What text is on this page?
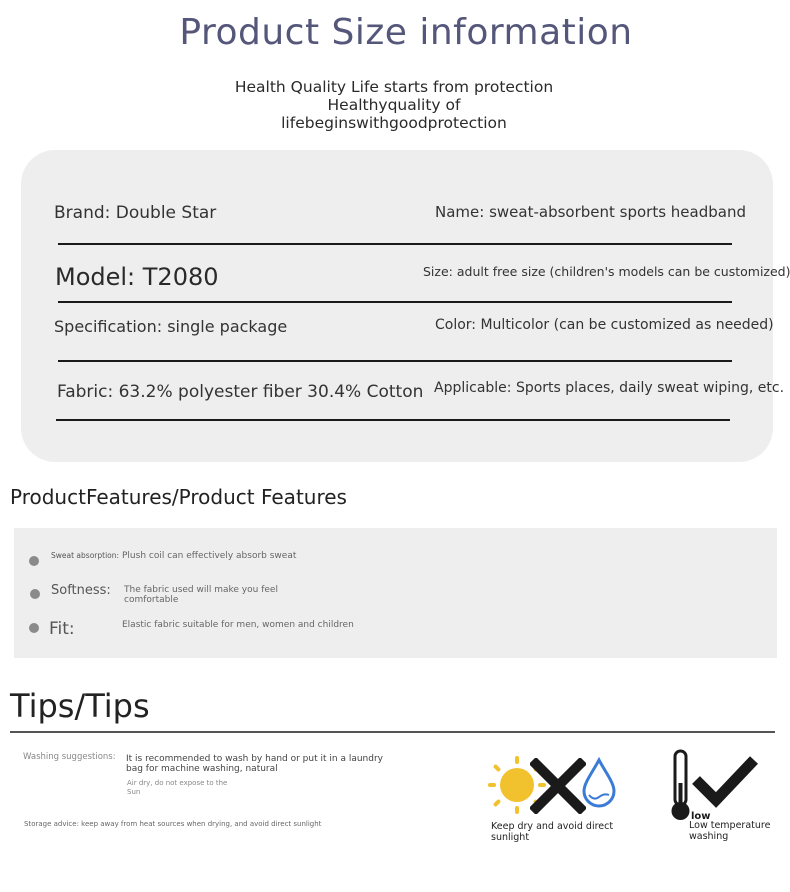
Product Size information
Health Quality Life starts from protection
Healthyquality of
lifebeginswithgoodprotection
Brand: Double Star	Name: sweat-absorbent sports headband
Model: T2080	Size: adult free size (children's models can be customized)
Specification: single package	Color: Multicolor (can be customized as needed)
Fabric: 63.2% polyester fiber 30.4% Cotton Applicable: Sports places, daily sweat wiping, etc.
ProductFeatures/Product Features
Sweat absorption: Plush coil can effectively absorb sweat
Softness: The fabric used will make you feel comfortable
Fit:	Elastic fabric suitable for men, women and children
Tips/Tips
Washing suggestions: It is recommended to wash by hand or put it in a laundry bag for machine washing, natural
Air dry, do not expose to the Sun
Storage advice: keep away from heat sources when drying, and avoid direct sunlight	Keep dry and avoid direct sunlight
low
Low temperature washing
